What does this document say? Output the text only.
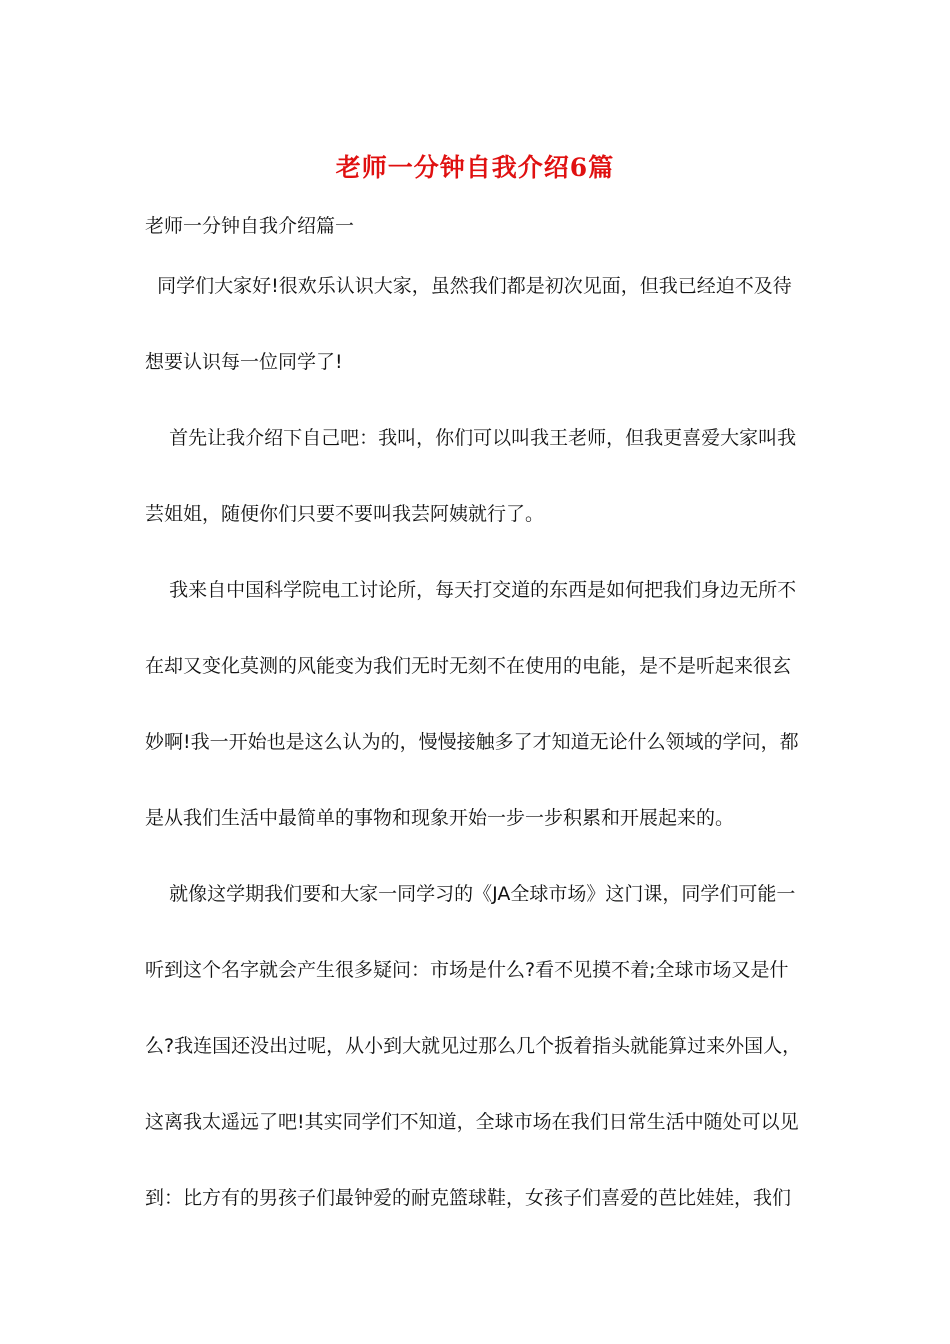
老师一分钟自我介绍6篇
老师一分钟自我介绍篇一
同学们大家好!很欢乐认识大家，虽然我们都是初次见面，但我已经迫不及待
想要认识每一位同学了!
首先让我介绍下自己吧：我叫，你们可以叫我王老师，但我更喜爱大家叫我
芸姐姐，随便你们只要不要叫我芸阿姨就行了。
我来自中国科学院电工讨论所，每天打交道的东西是如何把我们身边无所不
在却又变化莫测的风能变为我们无时无刻不在使用的电能，是不是听起来很玄
妙啊!我一开始也是这么认为的，慢慢接触多了才知道无论什么领域的学问，都
是从我们生活中最简单的事物和现象开始一步一步积累和开展起来的。
就像这学期我们要和大家一同学习的《JA全球市场》这门课，同学们可能一
听到这个名字就会产生很多疑问：市场是什么?看不见摸不着;全球市场又是什
么?我连国还没出过呢，从小到大就见过那么几个扳着指头就能算过来外国人，
这离我太遥远了吧!其实同学们不知道，全球市场在我们日常生活中随处可以见
到：比方有的男孩子们最钟爱的耐克篮球鞋，女孩子们喜爱的芭比娃娃，我们
